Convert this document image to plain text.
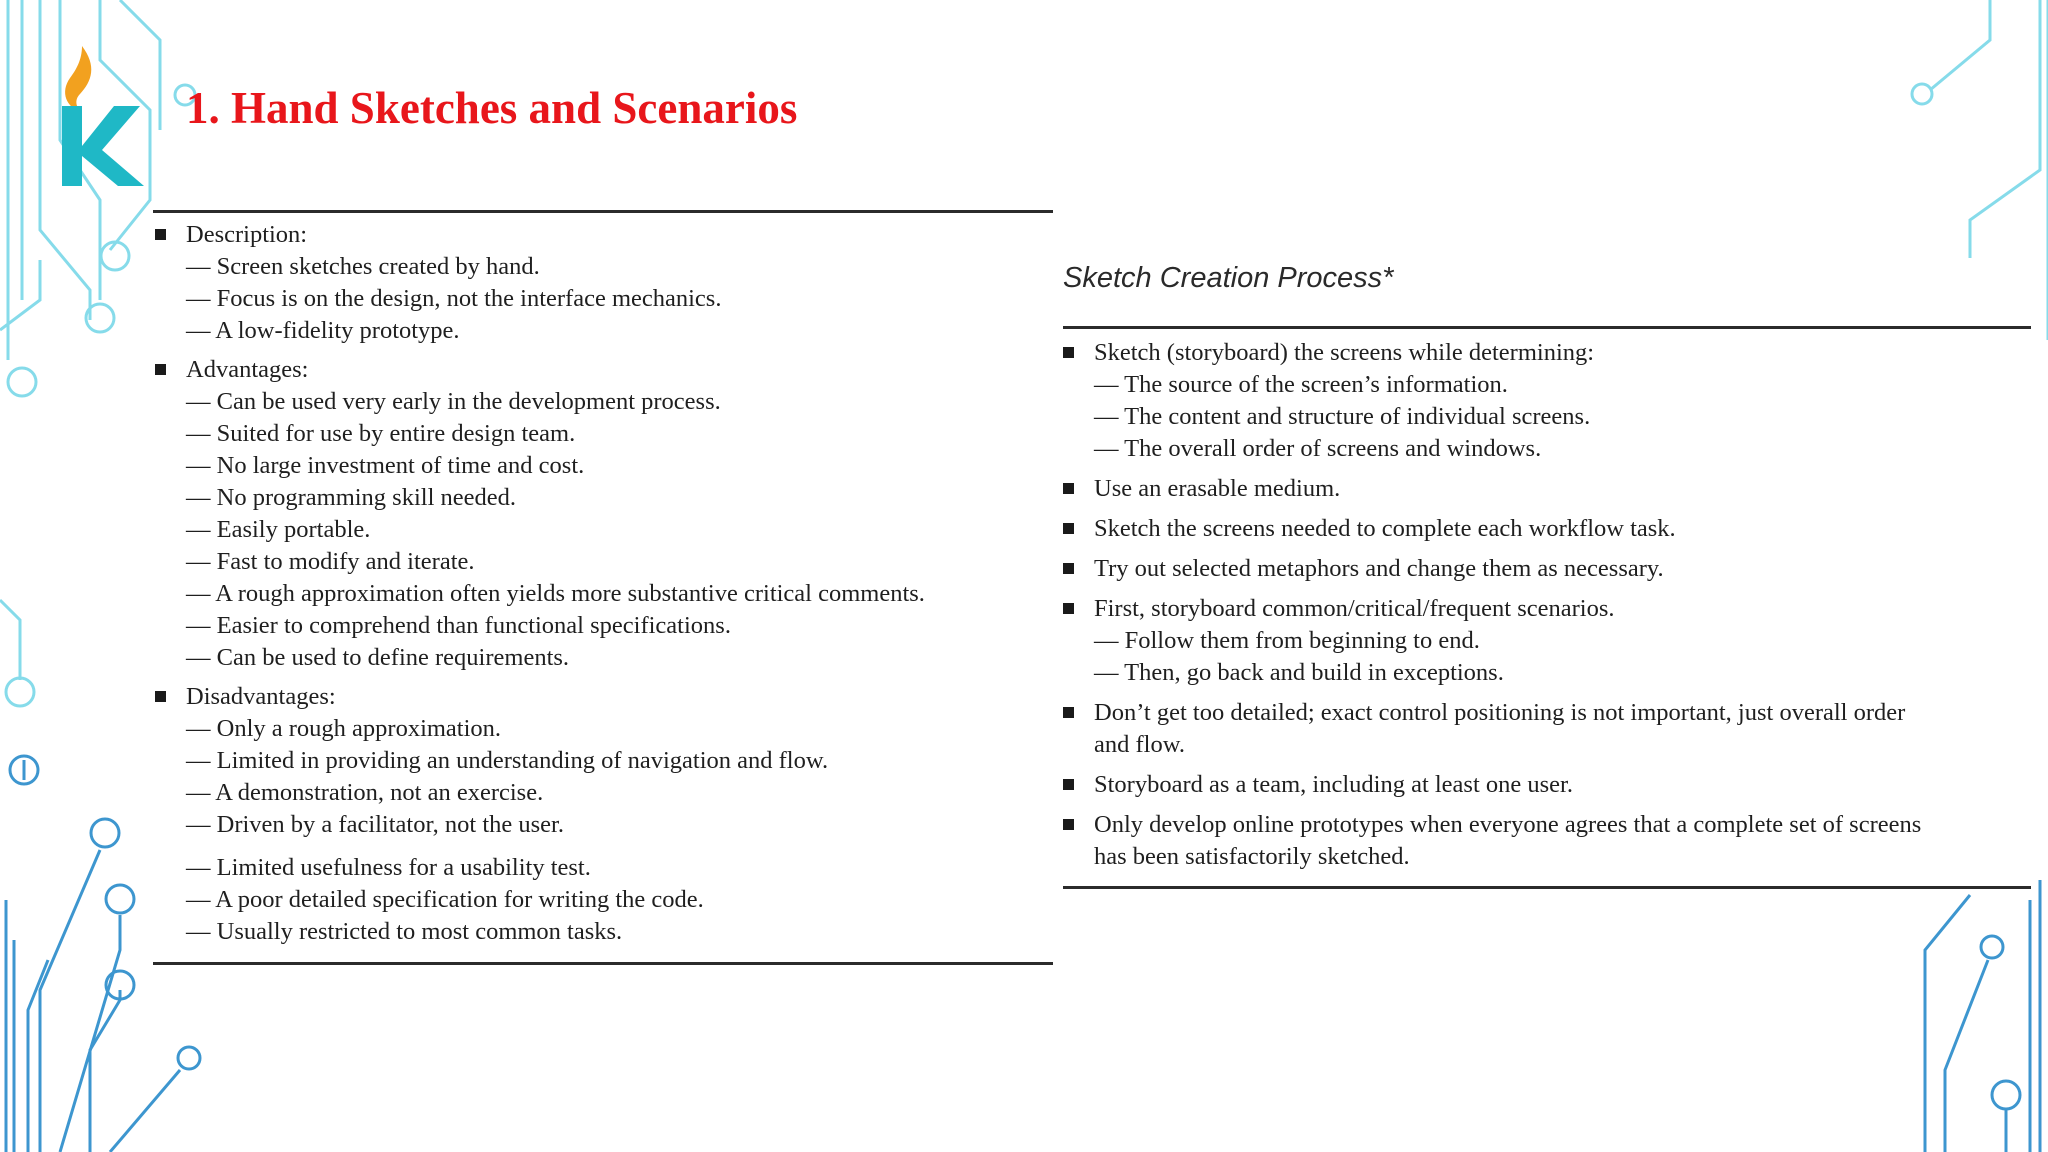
1. Hand Sketches and Scenarios
Description:
— Screen sketches created by hand.
— Focus is on the design, not the interface mechanics.
— A low-fidelity prototype.
Advantages:
— Can be used very early in the development process.
— Suited for use by entire design team.
— No large investment of time and cost.
— No programming skill needed.
— Easily portable.
— Fast to modify and iterate.
— A rough approximation often yields more substantive critical comments.
— Easier to comprehend than functional specifications.
— Can be used to define requirements.
Disadvantages:
— Only a rough approximation.
— Limited in providing an understanding of navigation and flow.
— A demonstration, not an exercise.
— Driven by a facilitator, not the user.
— Limited usefulness for a usability test.
— A poor detailed specification for writing the code.
— Usually restricted to most common tasks.
Sketch Creation Process*
Sketch (storyboard) the screens while determining:
— The source of the screen’s information.
— The content and structure of individual screens.
— The overall order of screens and windows.
Use an erasable medium.
Sketch the screens needed to complete each workflow task.
Try out selected metaphors and change them as necessary.
First, storyboard common/critical/frequent scenarios.
— Follow them from beginning to end.
— Then, go back and build in exceptions.
Don’t get too detailed; exact control positioning is not important, just overall order
and flow.
Storyboard as a team, including at least one user.
Only develop online prototypes when everyone agrees that a complete set of screens
has been satisfactorily sketched.
